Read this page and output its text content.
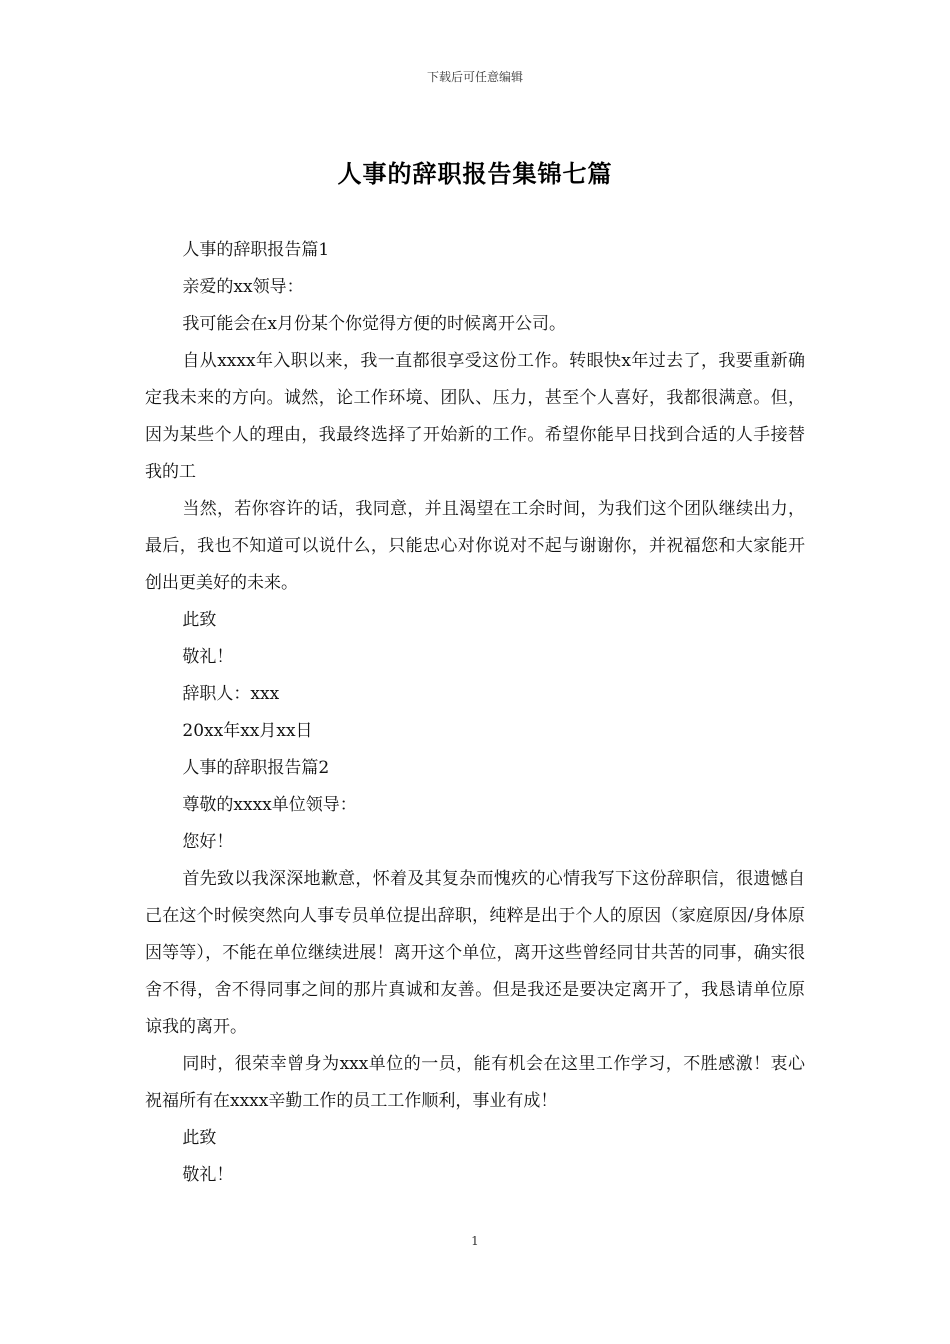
下载后可任意编辑
人事的辞职报告集锦七篇

人事的辞职报告篇1

亲爱的xx领导：

我可能会在x月份某个你觉得方便的时候离开公司。

自从xxxx年入职以来，我一直都很享受这份工作。转眼快x年过去了，我要重新确定我未来的方向。诚然，论工作环境、团队、压力，甚至个人喜好，我都很满意。但，因为某些个人的理由，我最终选择了开始新的工作。希望你能早日找到合适的人手接替我的工

当然，若你容许的话，我同意，并且渴望在工余时间，为我们这个团队继续出力，最后，我也不知道可以说什么，只能忠心对你说对不起与谢谢你，并祝福您和大家能开创出更美好的未来。

此致

敬礼！

辞职人：xxx

20xx年xx月xx日

人事的辞职报告篇2

尊敬的xxxx单位领导：

您好！

首先致以我深深地歉意，怀着及其复杂而愧疚的心情我写下这份辞职信，很遗憾自己在这个时候突然向人事专员单位提出辞职，纯粹是出于个人的原因（家庭原因/身体原因等等），不能在单位继续进展！离开这个单位，离开这些曾经同甘共苦的同事，确实很舍不得，舍不得同事之间的那片真诚和友善。但是我还是要决定离开了，我恳请单位原谅我的离开。

同时，很荣幸曾身为xxx单位的一员，能有机会在这里工作学习，不胜感激！衷心祝福所有在xxxx辛勤工作的员工工作顺利，事业有成！

此致

敬礼！

1
